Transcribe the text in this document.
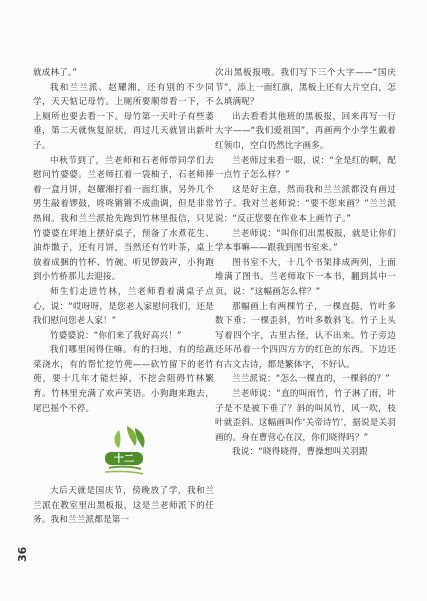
就成林了。”

我和兰兰派、赵耀湘，还有别的不少同学，天天惦记母竹。上厕所要顺带看一下，不上厕所也要去看一下。母竹第一天叶子有些萎垂，第二天就恢复原状，再过几天就冒出新叶子。

中秋节到了，兰老师和石老师带同学们去慰问竹婆婆。兰老师扛着一袋柚子，石老师捧着一盒月饼，赵耀湘打着一面红旗，另外几个男生敲着锣鼓，咚咚锵锵不成曲调，但是非常热闹。我和兰兰派抢先跑到竹林里报信，只见竹婆婆在坪地上摆好桌子，预备了水煮花生、油炸馓子，还有月饼，当然还有竹叶茶，桌上放着成捆的竹杯、竹碗。听见锣鼓声，小狗跑到小竹桥那儿去迎接。

师生们走进竹林，兰老师看着满桌子点心，说：“哎呀呀，是您老人家慰问我们，还是我们慰问您老人家！”

竹婆婆说：“你们来了我好高兴！”

我们哪里闲得住嘛。有的扫地，有的给蔬菜浇水，有的帮忙挖竹蔸——砍竹留下的老竹蔸，要十几年才能烂掉，不挖会阻碍竹林繁育。竹林里充满了欢声笑语。小狗跑来跑去，尾巴摇个不停。

十二

大后天就是国庆节，傍晚放了学，我和兰兰派在教室里出黑板报，这是兰老师派下的任务。我和兰兰派都是第一

次出黑板报哦。我们写下三个大字——“国庆节”，添上一面红旗，黑板上还有大片空白，怎么填满呢？

出去看看其他班的黑板报，回来再写一行大字——“我们爱祖国”，再画两个小学生戴着红领巾，空白仍然比字画多。

兰老师过来看一眼，说：“全是红的啊，配一点竹子怎么样？”

这是好主意，然而我和兰兰派都没有画过竹子。我对兰老师说：“要不您来画？”兰兰派说：“反正您要在作业本上画竹子。”

兰老师说：“叫你们出黑板报，就是让你们学本事嘛——跟我到图书室来。”

图书室不大，十几个书架排成两列，上面堆满了图书。兰老师取下一本书，翻到其中一页，说：“这幅画怎么样？”

那幅画上有两棵竹子，一棵直挺，竹叶多数下垂；一棵歪斜，竹叶多数斜飞。竹子上头写着四个字，古里古怪，认不出来。竹子旁边还环吊着一个四四方方的红色的东西。下边还有古文古诗，都是繁体字，不好认。

兰兰派说：“怎么一棵直的，一棵斜的？”

兰老师说：“直的叫雨竹，竹子淋了雨，叶子是不是被下垂了？斜的叫风竹，风一吹，枝叶就歪斜。这幅画叫作‘关帝诗竹’，据说是关羽画的。身在曹营心在汉，你们晓得吗？”

我说：“晓得晓得，曹操想叫关羽跟

36
